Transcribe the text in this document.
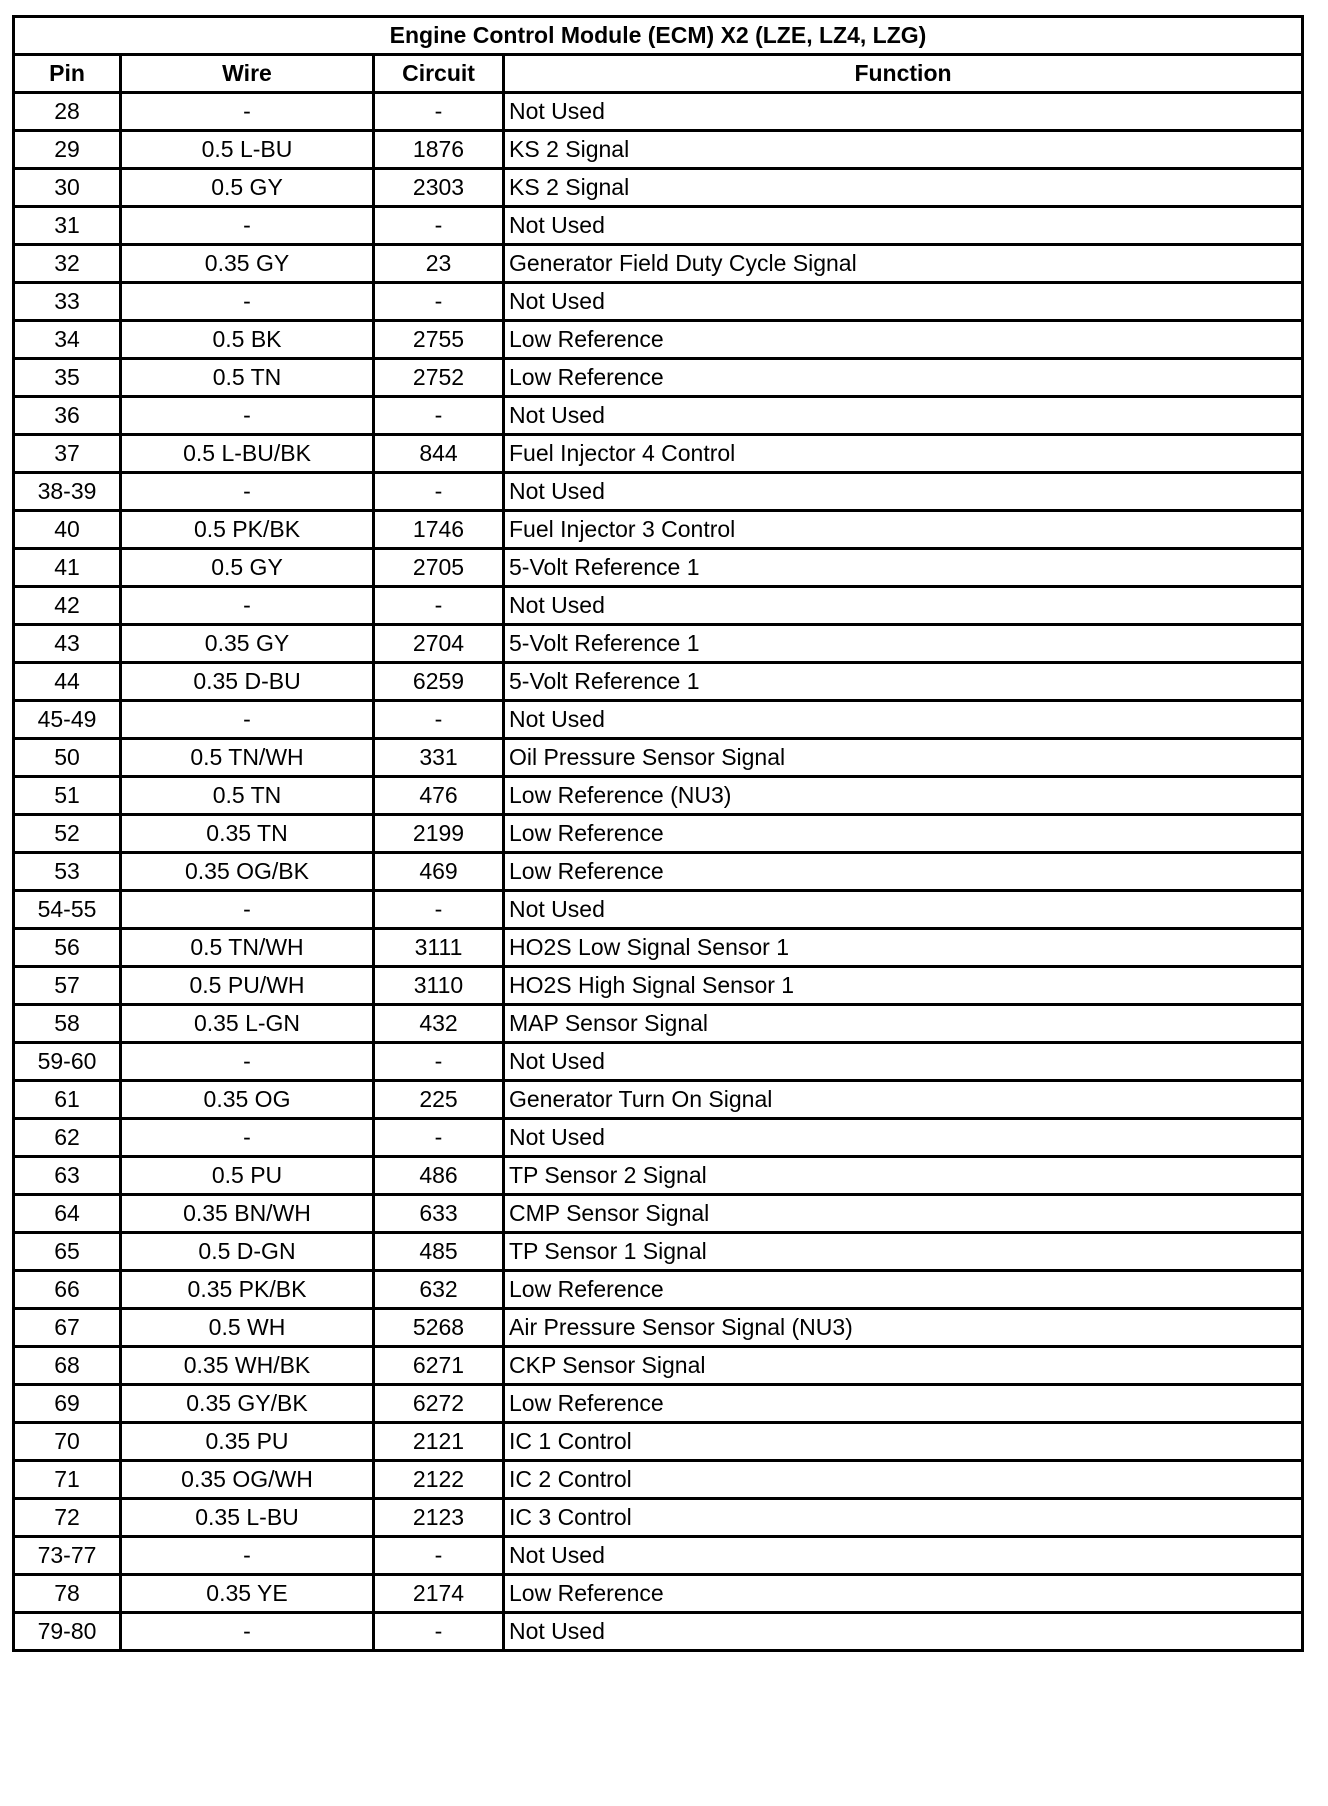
Engine Control Module (ECM) X2 (LZE, LZ4, LZG)			
Pin	Wire	Circuit	Function
28	-	-	Not Used
29	0.5 L-BU	1876	KS 2 Signal
30	0.5 GY	2303	KS 2 Signal
31	-	-	Not Used
32	0.35 GY	23	Generator Field Duty Cycle Signal
33	-	-	Not Used
34	0.5 BK	2755	Low Reference
35	0.5 TN	2752	Low Reference
36	-	-	Not Used
37	0.5 L-BU/BK	844	Fuel Injector 4 Control
38-39	-	-	Not Used
40	0.5 PK/BK	1746	Fuel Injector 3 Control
41	0.5 GY	2705	5-Volt Reference 1
42	-	-	Not Used
43	0.35 GY	2704	5-Volt Reference 1
44	0.35 D-BU	6259	5-Volt Reference 1
45-49	-	-	Not Used
50	0.5 TN/WH	331	Oil Pressure Sensor Signal
51	0.5 TN	476	Low Reference (NU3)
52	0.35 TN	2199	Low Reference
53	0.35 OG/BK	469	Low Reference
54-55	-	-	Not Used
56	0.5 TN/WH	3111	HO2S Low Signal Sensor 1
57	0.5 PU/WH	3110	HO2S High Signal Sensor 1
58	0.35 L-GN	432	MAP Sensor Signal
59-60	-	-	Not Used
61	0.35 OG	225	Generator Turn On Signal
62	-	-	Not Used
63	0.5 PU	486	TP Sensor 2 Signal
64	0.35 BN/WH	633	CMP Sensor Signal
65	0.5 D-GN	485	TP Sensor 1 Signal
66	0.35 PK/BK	632	Low Reference
67	0.5 WH	5268	Air Pressure Sensor Signal (NU3)
68	0.35 WH/BK	6271	CKP Sensor Signal
69	0.35 GY/BK	6272	Low Reference
70	0.35 PU	2121	IC 1 Control
71	0.35 OG/WH	2122	IC 2 Control
72	0.35 L-BU	2123	IC 3 Control
73-77	-	-	Not Used
78	0.35 YE	2174	Low Reference
79-80	-	-	Not Used
